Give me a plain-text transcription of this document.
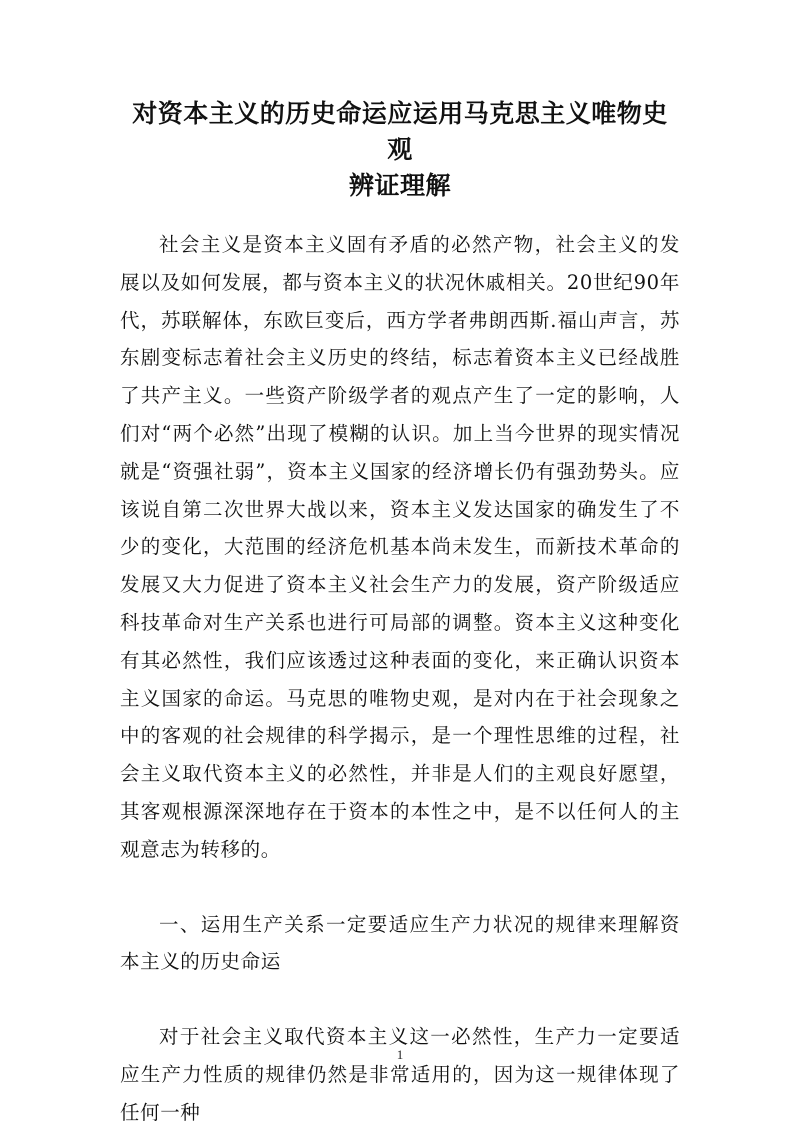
对资本主义的历史命运应运用马克思主义唯物史观
辨证理解

社会主义是资本主义固有矛盾的必然产物，社会主义的发展以及如何发展，都与资本主义的状况休戚相关。20世纪90年代，苏联解体，东欧巨变后，西方学者弗朗西斯.福山声言，苏东剧变标志着社会主义历史的终结，标志着资本主义已经战胜了共产主义。一些资产阶级学者的观点产生了一定的影响，人们对“两个必然”出现了模糊的认识。加上当今世界的现实情况就是“资强社弱”，资本主义国家的经济增长仍有强劲势头。应该说自第二次世界大战以来，资本主义发达国家的确发生了不少的变化，大范围的经济危机基本尚未发生，而新技术革命的发展又大力促进了资本主义社会生产力的发展，资产阶级适应科技革命对生产关系也进行可局部的调整。资本主义这种变化有其必然性，我们应该透过这种表面的变化，来正确认识资本主义国家的命运。马克思的唯物史观，是对内在于社会现象之中的客观的社会规律的科学揭示，是一个理性思维的过程，社会主义取代资本主义的必然性，并非是人们的主观良好愿望，其客观根源深深地存在于资本的本性之中，是不以任何人的主观意志为转移的。

一、运用生产关系一定要适应生产力状况的规律来理解资本主义的历史命运

对于社会主义取代资本主义这一必然性，生产力一定要适应生产力性质的规律仍然是非常适用的，因为这一规律体现了任何一种

1
